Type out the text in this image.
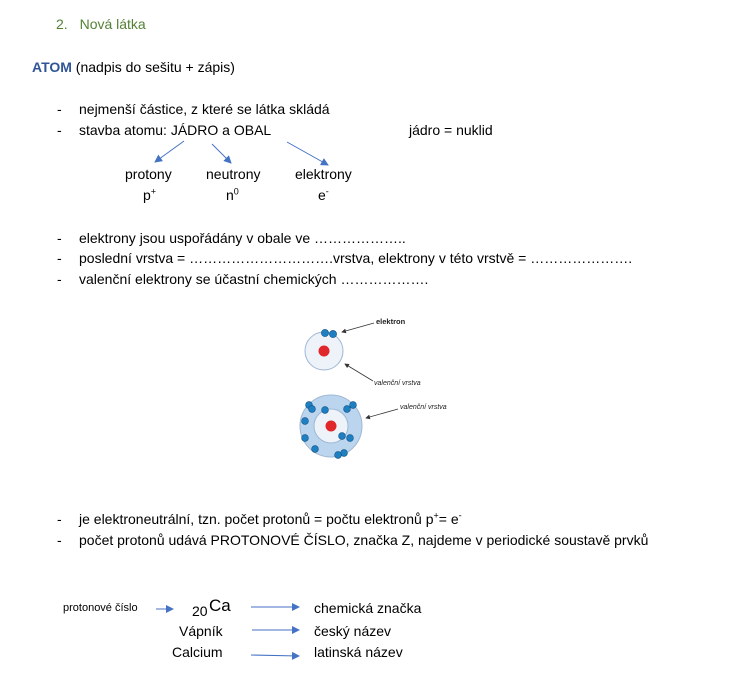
2. Nová látka
ATOM (nadpis do sešitu + zápis)
- nejmenší částice, z které se látka skládá
- stavba atomu: JÁDRO a OBAL	jádro = nuklid
protony
p+
neutrony
$n^0$
elektrony
e-
- elektrony jsou uspořádány v obale ve ………………..
- poslední vrstva = ………………………….vrstva, elektrony v této vrstvě = ………………….
- valenční elektrony se účastní chemických ……………….
elektron
valenční vrstva
valenční vrstva
- je elektroneutrální, tzn. počet protonů = počtu elektronů p+= e-
- počet protonů udává PROTONOVÉ ČÍSLO, značka Z, najdeme v periodické soustavě prvků
protonové číslo	20 Ca
Vápník
Calcium
chemická značka
český název
latinská název
